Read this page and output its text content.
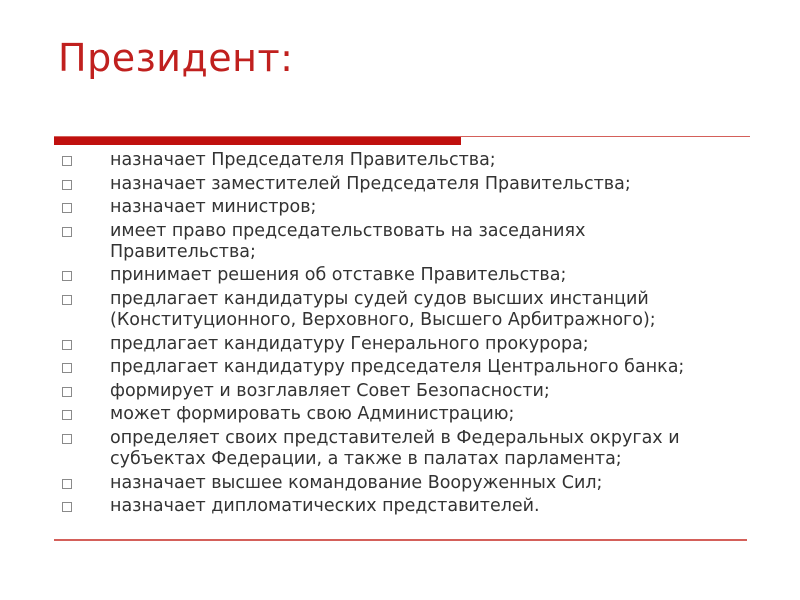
Президент:
назначает Председателя Правительства;
назначает заместителей Председателя Правительства;
назначает министров;
имеет право председательствовать на заседаниях
Правительства;
принимает решения об отставке Правительства;
предлагает кандидатуры судей судов высших инстанций
(Конституционного, Верховного, Высшего Арбитражного);
предлагает кандидатуру Генерального прокурора;
предлагает кандидатуру председателя Центрального банка;
формирует и возглавляет Совет Безопасности;
может формировать свою Администрацию;
определяет своих представителей в Федеральных округах и
субъектах Федерации, а также в палатах парламента;
назначает высшее командование Вооруженных Сил;
назначает дипломатических представителей.
